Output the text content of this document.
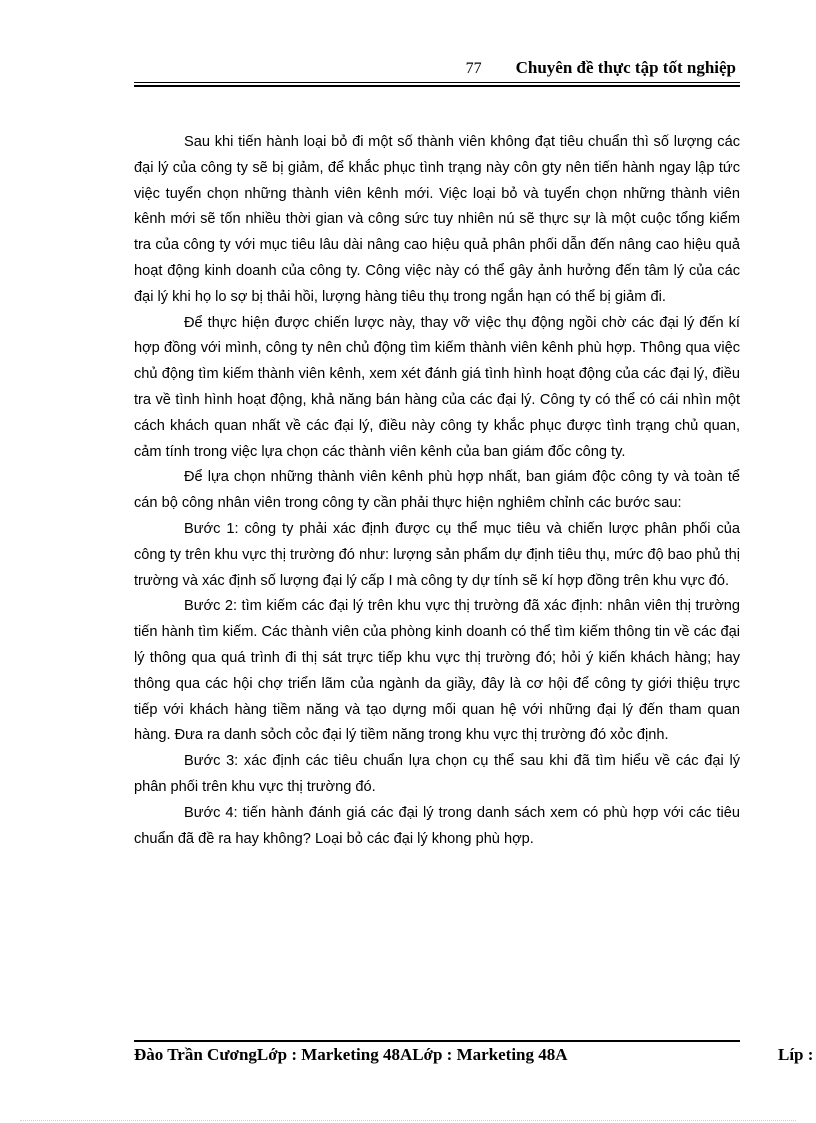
77 Chuyên đề thực tập tốt nghiệp

Sau khi tiến hành loại bỏ đi một số thành viên không đạt tiêu chuẩn thì số lượng các đại lý của công ty sẽ bị giảm, để khắc phục tình trạng này côn gty nên tiến hành ngay lập tức việc tuyển chọn những thành viên kênh mới. Việc loại bỏ và tuyển chọn những thành viên kênh mới sẽ tốn nhiều thời gian và công sức tuy nhiên nú sẽ thực sự là một cuộc tổng kiểm tra của công ty với mục tiêu lâu dài nâng cao hiệu quả phân phối dẫn đến nâng cao hiệu quả hoạt động kinh doanh của công ty. Công việc này có thể gây ảnh hưởng đến tâm lý của các đại lý khi họ lo sợ bị thải hồi, lượng hàng tiêu thụ trong ngắn hạn có thể bị giảm đi.

Để thực hiện được chiến lược này, thay vỡ việc thụ động ngồi chờ các đại lý đến kí hợp đồng với mình, công ty nên chủ động tìm kiếm thành viên kênh phù hợp. Thông qua việc chủ động tìm kiếm thành viên kênh, xem xét đánh giá tình hình hoạt động của các đại lý, điều tra về tình hình hoạt động, khả năng bán hàng của các đại lý. Công ty có thể có cái nhìn một cách khách quan nhất về các đại lý, điều này công ty khắc phục được tình trạng chủ quan, cảm tính trong việc lựa chọn các thành viên kênh của ban giám đốc công ty.

Để lựa chọn những thành viên kênh phù hợp nhất, ban giám độc công ty và toàn tể cán bộ công nhân viên trong công ty cần phải thực hiện nghiêm chỉnh các bước sau:

Bước 1: công ty phải xác định được cụ thể mục tiêu và chiến lược phân phối của công ty trên khu vực thị trường đó như: lượng sản phẩm dự định tiêu thụ, mức độ bao phủ thị trường và xác định số lượng đại lý cấp I mà công ty dự tính sẽ kí hợp đồng trên khu vực đó.

Bước 2: tìm kiếm các đại lý trên khu vực thị trường đã xác định: nhân viên thị trường tiến hành tìm kiếm. Các thành viên của phòng kinh doanh có thể tìm kiếm thông tin về các đại lý thông qua quá trình đi thị sát trực tiếp khu vực thị trường đó; hỏi ý kiến khách hàng; hay thông qua các hội chợ triển lãm của ngành da giầy, đây là cơ hội để công ty giới thiệu trực tiếp với khách hàng tiềm năng và tạo dựng mối quan hệ với những đại lý đến tham quan hàng. Đưa ra danh sỏch cỏc đại lý tiềm năng trong khu vực thị trường đó xỏc định.

Bước 3: xác định các tiêu chuẩn lựa chọn cụ thể sau khi đã tìm hiểu về các đại lý phân phối trên khu vực thị trường đó.

Bước 4: tiến hành đánh giá các đại lý trong danh sách xem có phù hợp với các tiêu chuẩn đã đề ra hay không? Loại bỏ các đại lý khong phù hợp.

Đào Trần CươngLớp : Marketing 48ALớp : Marketing 48A	Líp :
